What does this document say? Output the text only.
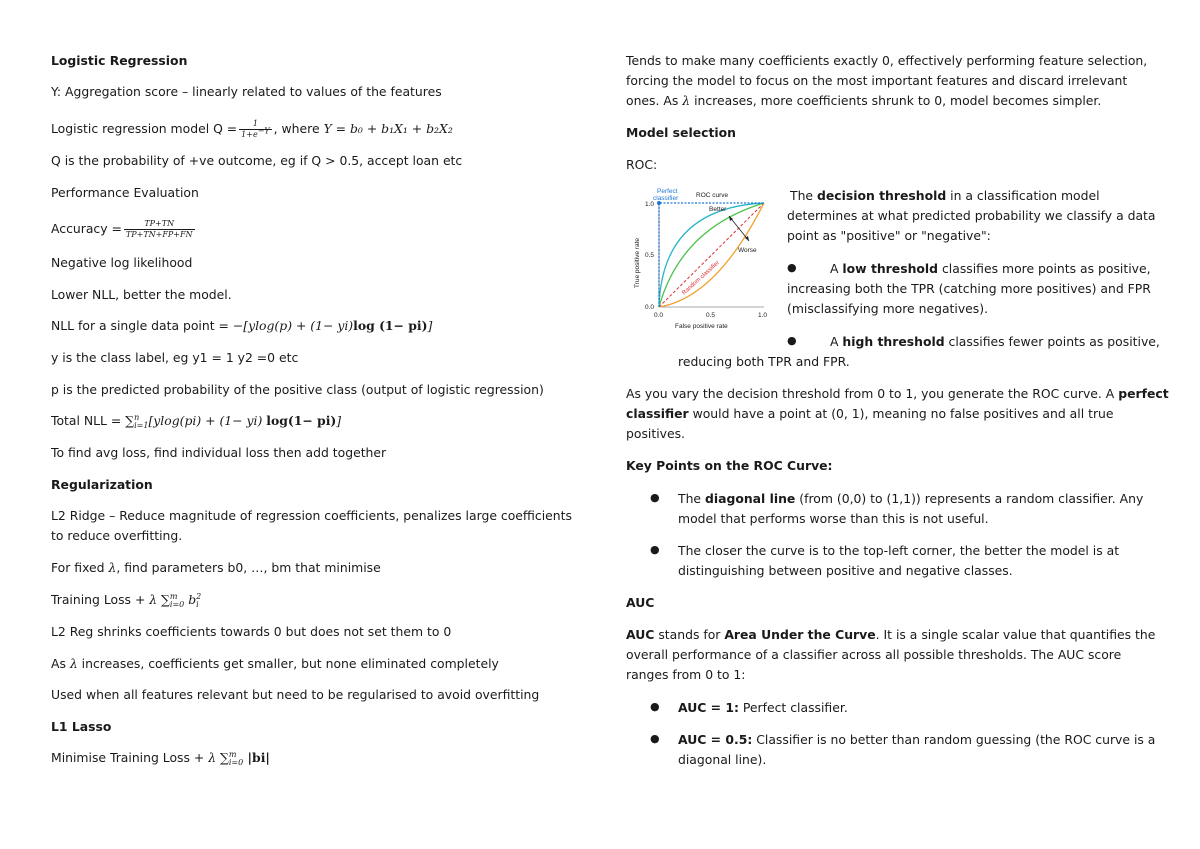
Logistic Regression
Y: Aggregation score – linearly related to values of the features
Logistic regression model $Q = \frac{1}{1+e^{-Y}}$ , where Y = b₀ + b₁X₁ + b₂X₂
Q is the probability of +ve outcome, eg if Q > 0.5, accept loan etc
Performance Evaluation
Accuracy = $\frac{TP+TN}{TP+TN+FP+FN}$
Negative log likelihood
Lower NLL, better the model.
NLL for a single data point = −[ylog(p) + (1− yi)log (1− pi)]
y is the class label, eg y1 = 1 y2 =0 etc
p is the predicted probability of the positive class (output of logistic regression)
Total NLL = ∑ n
i=1 [ylog(pi) + (1− yi) log(1− pi)]
To find avg loss, find individual loss then add together
Regularization
L2 Ridge – Reduce magnitude of regression coefficients, penalizes large coefficients
to reduce overfitting.
For fixed λ, find parameters b0, …, bm that minimise
Training Loss + λ ∑ m
i=0 b 2
i
L2 Reg shrinks coefficients towards 0 but does not set them to 0
As λ increases, coefficients get smaller, but none eliminated completely
Used when all features relevant but need to be regularised to avoid overfitting
L1 Lasso
Minimise Training Loss + λ ∑ m
i=0 |bi|
Tends to make many coefficients exactly 0, effectively performing feature selection,
forcing the model to focus on the most important features and discard irrelevant
ones. As λ increases, more coefficients shrunk to 0, model becomes simpler.
Model selection
ROC:
The decision threshold in a classification model
determines at what predicted probability we classify a data
point as "positive" or "negative":
●	A low threshold classifies more points as positive,
increasing both the TPR (catching more positives) and FPR
(misclassifying more negatives).
●	A high threshold classifies fewer points as positive,
reducing both TPR and FPR.
As you vary the decision threshold from 0 to 1, you generate the ROC curve. A perfect
classifier would have a point at (0, 1), meaning no false positives and all true
positives.
Key Points on the ROC Curve:
● The diagonal line (from (0,0) to (1,1)) represents a random classifier. Any
model that performs worse than this is not useful.
● The closer the curve is to the top-left corner, the better the model is at
distinguishing between positive and negative classes.
AUC
AUC stands for Area Under the Curve. It is a single scalar value that quantifies the
overall performance of a classifier across all possible thresholds. The AUC score
ranges from 0 to 1:
● AUC = 1: Perfect classifier.
● AUC = 0.5: Classifier is no better than random guessing (the ROC curve is a
diagonal line).
Perfect
classifier	ROC curve
Better
Worse
Random classifier
True positive rate
False positive rate
1.0
0.5
0.0
0.0	0.5	1.0
